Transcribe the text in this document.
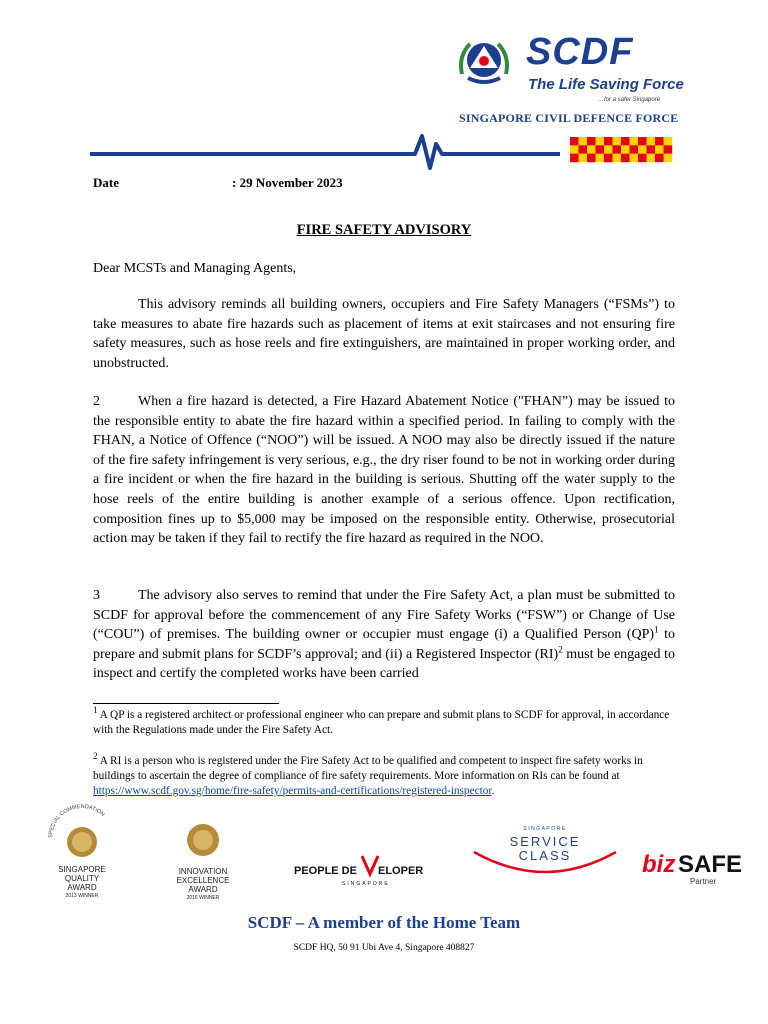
SCDF
The Life Saving Force
…for a safer Singapore
SINGAPORE CIVIL DEFENCE FORCE
Date	: 29 November 2023
FIRE SAFETY ADVISORY
Dear MCSTs and Managing Agents,
This advisory reminds all building owners, occupiers and Fire Safety Managers (“FSMs”) to take measures to abate fire hazards such as placement of items at exit staircases and not ensuring fire safety measures, such as hose reels and fire extinguishers, are maintained in proper working order, and unobstructed.
2	When a fire hazard is detected, a Fire Hazard Abatement Notice ("FHAN”) may be issued to the responsible entity to abate the fire hazard within a specified period. In failing to comply with the FHAN, a Notice of Offence (“NOO”) will be issued. A NOO may also be directly issued if the nature of the fire safety infringement is very serious, e.g., the dry riser found to be not in working order during a fire incident or when the fire hazard in the building is serious. Shutting off the water supply to the hose reels of the entire building is another example of a serious offence. Upon rectification, composition fines up to $5,000 may be imposed on the responsible entity. Otherwise, prosecutorial action may be taken if they fail to rectify the fire hazard as required in the NOO.
3	The advisory also serves to remind that under the Fire Safety Act, a plan must be submitted to SCDF for approval before the commencement of any Fire Safety Works (“FSW”) or Change of Use (“COU”) of premises. The building owner or occupier must engage (i) a Qualified Person (QP)$^1$ to prepare and submit plans for SCDF’s approval; and (ii) a Registered Inspector (RI)$^2$ must be engaged to inspect and certify the completed works have been carried
$^1$ A QP is a registered architect or professional engineer who can prepare and submit plans to SCDF for approval, in accordance with the Regulations made under the Fire Safety Act.
$^2$ A RI is a person who is registered under the Fire Safety Act to be qualified and competent to inspect fire safety works in buildings to ascertain the degree of compliance of fire safety requirements. More information on RIs can be found at https://www.scdf.gov.sg/home/fire-safety/permits-and-certifications/registered-inspector.
SPECIAL COMMENDATION
SINGAPORE
QUALITY
AWARD
2013 WINNER
INNOVATION
EXCELLENCE
AWARD
2016 WINNER
PEOPLE DE ELOPER
SINGAPORE
SINGAPORE
SERVICE
CLASS	biz SAFE
Partner
SCDF – A member of the Home Team
SCDF HQ, 50 91 Ubi Ave 4, Singapore 408827
